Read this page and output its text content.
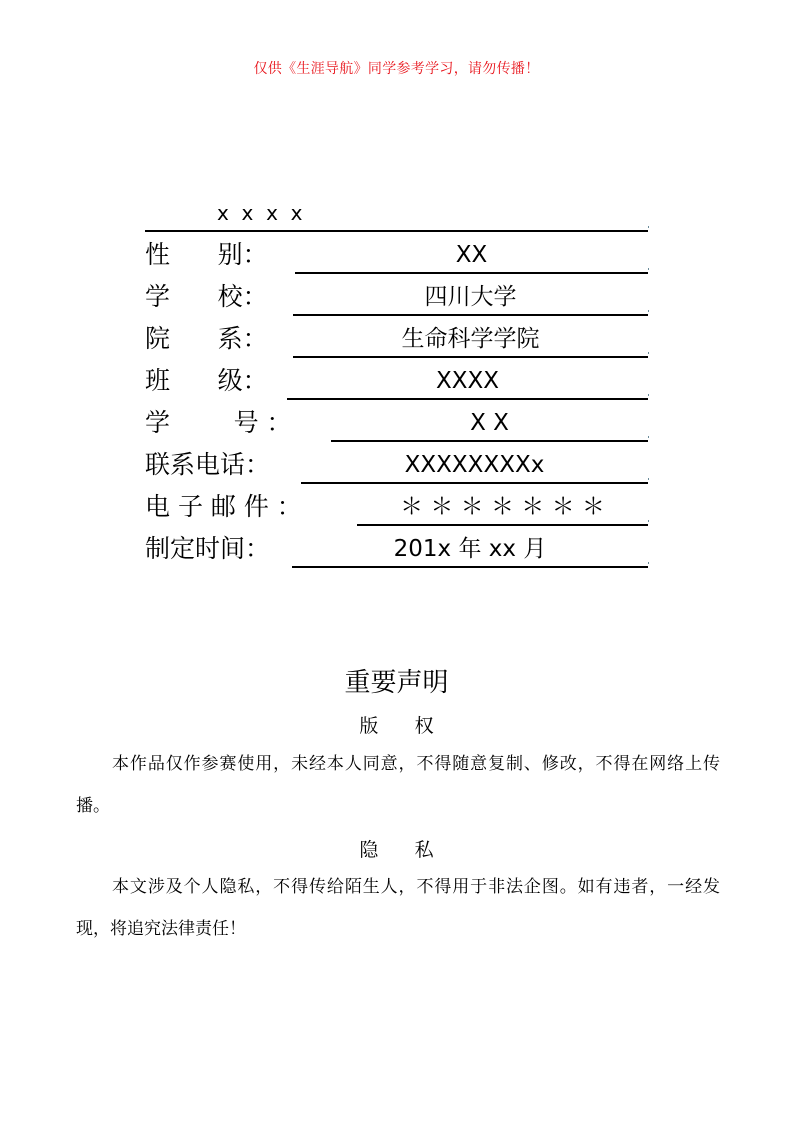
仅供《生涯导航》同学参考学习，请勿传播！
x  x  x  x
性      别：	XX
学      校：	四川大学
院      系：	生命科学学院
班      级：	XXXX
学        号 ：	X X
联系电话：	XXXXXXXXx
电 子 邮 件 ：	＊ ＊ ＊ ＊ ＊ ＊ ＊
制定时间：	201x 年 xx 月
重要声明
版      权
本作品仅作参赛使用，未经本人同意，不得随意复制、修改，不得在网络上传播。
隐      私
本文涉及个人隐私，不得传给陌生人，不得用于非法企图。如有违者，一经发现，将追究法律责任！
